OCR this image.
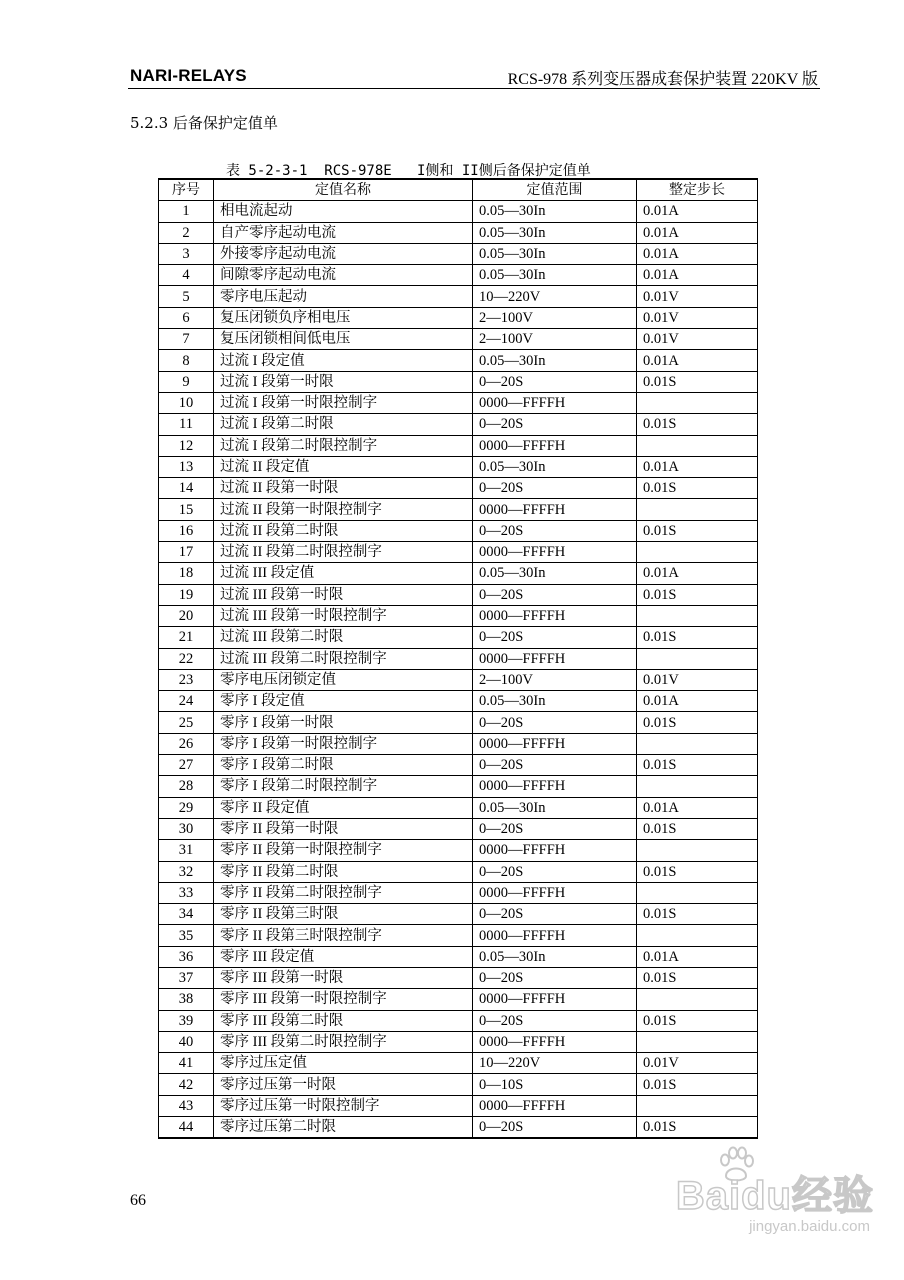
NARI-RELAYS	RCS-978 系列变压器成套保护装置 220KV 版
5.2.3 后备保护定值单
表 5-2-3-1  RCS-978E   I侧和 II侧后备保护定值单
序号	定值名称	定值范围	整定步长
1	相电流起动	0.05—30In	0.01A
2	自产零序起动电流	0.05—30In	0.01A
3	外接零序起动电流	0.05—30In	0.01A
4	间隙零序起动电流	0.05—30In	0.01A
5	零序电压起动	10—220V	0.01V
6	复压闭锁负序相电压	2—100V	0.01V
7	复压闭锁相间低电压	2—100V	0.01V
8	过流 I 段定值	0.05—30In	0.01A
9	过流 I 段第一时限	0—20S	0.01S
10	过流 I 段第一时限控制字	0000—FFFFH	
11	过流 I 段第二时限	0—20S	0.01S
12	过流 I 段第二时限控制字	0000—FFFFH	
13	过流 II 段定值	0.05—30In	0.01A
14	过流 II 段第一时限	0—20S	0.01S
15	过流 II 段第一时限控制字	0000—FFFFH	
16	过流 II 段第二时限	0—20S	0.01S
17	过流 II 段第二时限控制字	0000—FFFFH	
18	过流 III 段定值	0.05—30In	0.01A
19	过流 III 段第一时限	0—20S	0.01S
20	过流 III 段第一时限控制字	0000—FFFFH	
21	过流 III 段第二时限	0—20S	0.01S
22	过流 III 段第二时限控制字	0000—FFFFH	
23	零序电压闭锁定值	2—100V	0.01V
24	零序 I 段定值	0.05—30In	0.01A
25	零序 I 段第一时限	0—20S	0.01S
26	零序 I 段第一时限控制字	0000—FFFFH	
27	零序 I 段第二时限	0—20S	0.01S
28	零序 I 段第二时限控制字	0000—FFFFH	
29	零序 II 段定值	0.05—30In	0.01A
30	零序 II 段第一时限	0—20S	0.01S
31	零序 II 段第一时限控制字	0000—FFFFH	
32	零序 II 段第二时限	0—20S	0.01S
33	零序 II 段第二时限控制字	0000—FFFFH	
34	零序 II 段第三时限	0—20S	0.01S
35	零序 II 段第三时限控制字	0000—FFFFH	
36	零序 III 段定值	0.05—30In	0.01A
37	零序 III 段第一时限	0—20S	0.01S
38	零序 III 段第一时限控制字	0000—FFFFH	
39	零序 III 段第二时限	0—20S	0.01S
40	零序 III 段第二时限控制字	0000—FFFFH	
41	零序过压定值	10—220V	0.01V
42	零序过压第一时限	0—10S	0.01S
43	零序过压第一时限控制字	0000—FFFFH	
44	零序过压第二时限	0—20S	0.01S
66	Baidu经验
jingyan.baidu.com
